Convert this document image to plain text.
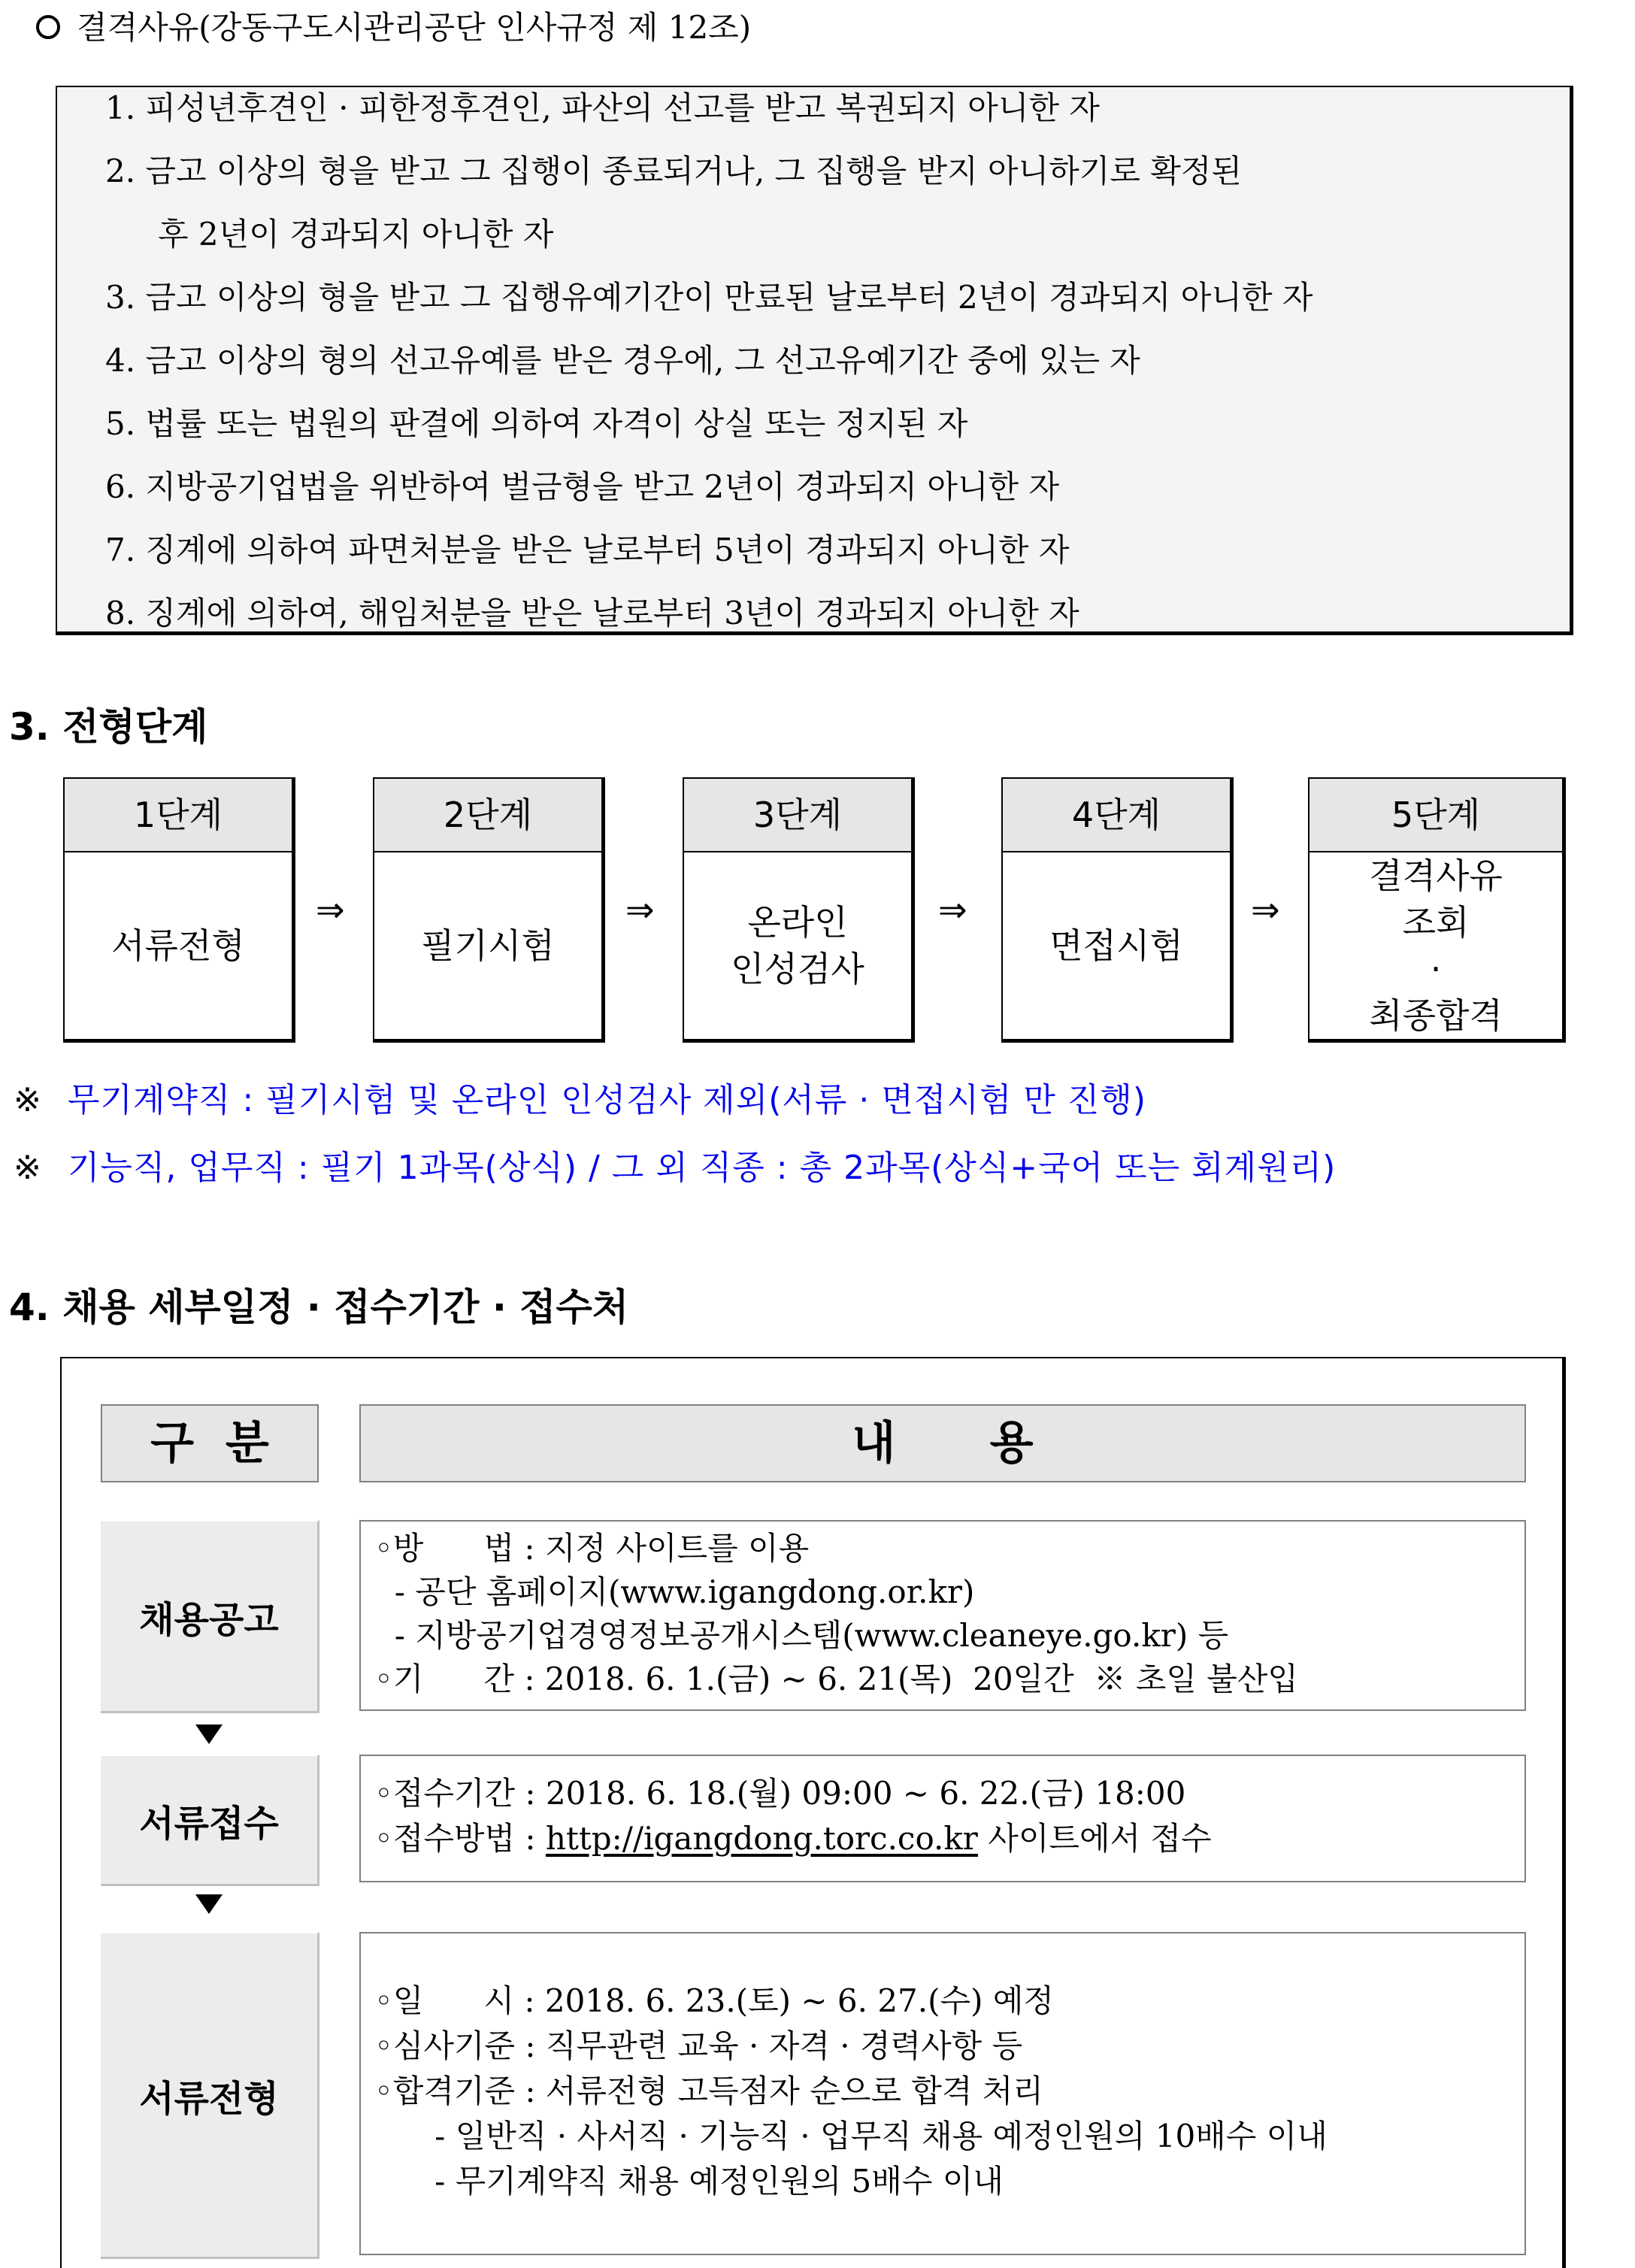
결격사유(강동구도시관리공단 인사규정 제 12조)
1. 피성년후견인 · 피한정후견인, 파산의 선고를 받고 복권되지 아니한 자
2. 금고 이상의 형을 받고 그 집행이 종료되거나, 그 집행을 받지 아니하기로 확정된
후 2년이 경과되지 아니한 자
3. 금고 이상의 형을 받고 그 집행유예기간이 만료된 날로부터 2년이 경과되지 아니한 자
4. 금고 이상의 형의 선고유예를 받은 경우에, 그 선고유예기간 중에 있는 자
5. 법률 또는 법원의 판결에 의하여 자격이 상실 또는 정지된 자
6. 지방공기업법을 위반하여 벌금형을 받고 2년이 경과되지 아니한 자
7. 징계에 의하여 파면처분을 받은 날로부터 5년이 경과되지 아니한 자
8. 징계에 의하여, 해임처분을 받은 날로부터 3년이 경과되지 아니한 자
3. 전형단계
1단계
서류전형
⇒
2단계
필기시험
⇒
3단계
온라인
인성검사
⇒
4단계
면접시험
⇒
5단계
결격사유
조회
·
최종합격
※ 무기계약직 : 필기시험 및 온라인 인성검사 제외(서류 · 면접시험 만 진행)
※ 기능직, 업무직 : 필기 1과목(상식) / 그 외 직종 : 총 2과목(상식+국어 또는 회계원리)
4. 채용 세부일정 · 접수기간 · 접수처
구  분	내      용
채용공고
◦방      법 : 지정 사이트를 이용
- 공단 홈페이지(www.igangdong.or.kr)
- 지방공기업경영정보공개시스템(www.cleaneye.go.kr) 등
◦기      간 : 2018. 6. 1.(금) ~ 6. 21(목)  20일간  ※ 초일 불산입
서류접수
◦접수기간 : 2018. 6. 18.(월) 09:00 ~ 6. 22.(금) 18:00
◦접수방법 : http://igangdong.torc.co.kr 사이트에서 접수
서류전형
◦일      시 : 2018. 6. 23.(토) ~ 6. 27.(수) 예정
◦심사기준 : 직무관련 교육 · 자격 · 경력사항 등
◦합격기준 : 서류전형 고득점자 순으로 합격 처리
- 일반직 · 사서직 · 기능직 · 업무직 채용 예정인원의 10배수 이내
- 무기계약직 채용 예정인원의 5배수 이내
